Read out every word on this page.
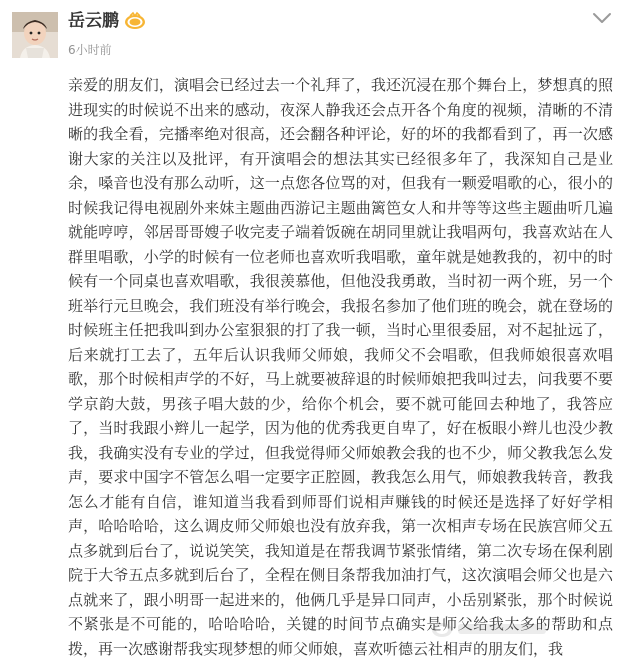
岳云鹏
6小时前
亲爱的朋友们，演唱会已经过去一个礼拜了，我还沉浸在那个舞台上，梦想真的照进现实的时候说不出来的感动，夜深人静我还会点开各个角度的视频，清晰的不清晰的我全看，完播率绝对很高，还会翻各种评论，好的坏的我都看到了，再一次感谢大家的关注以及批评，有开演唱会的想法其实已经很多年了，我深知自己是业余，嗓音也没有那么动听，这一点您各位骂的对，但我有一颗爱唱歌的心，很小的时候我记得电视剧外来妹主题曲西游记主题曲篱笆女人和井等等这些主题曲听几遍就能哼哼，邻居哥哥嫂子收完麦子端着饭碗在胡同里就让我唱两句，我喜欢站在人群里唱歌，小学的时候有一位老师也喜欢听我唱歌，童年就是她教我的，初中的时候有一个同桌也喜欢唱歌，我很羡慕他，但他没我勇敢，当时初一两个班，另一个班举行元旦晚会，我们班没有举行晚会，我报名参加了他们班的晚会，就在登场的时候班主任把我叫到办公室狠狠的打了我一顿，当时心里很委屈，对不起扯远了，后来就打工去了，五年后认识我师父师娘，我师父不会唱歌，但我师娘很喜欢唱歌，那个时候相声学的不好，马上就要被辞退的时候师娘把我叫过去，问我要不要学京韵大鼓，男孩子唱大鼓的少，给你个机会，要不就可能回去种地了，我答应了，当时我跟小辫儿一起学，因为他的优秀我更自卑了，好在板眼小辫儿也没少教我，我确实没有专业的学过，但我觉得师父师娘教会我的也不少，师父教我怎么发声，要求中国字不管怎么唱一定要字正腔圆，教我怎么用气，师娘教我转音，教我怎么才能有自信，谁知道当我看到师哥们说相声赚钱的时候还是选择了好好学相声，哈哈哈哈，这么调皮师父师娘也没有放弃我，第一次相声专场在民族宫师父五点多就到后台了，说说笑笑，我知道是在帮我调节紧张情绪，第二次专场在保利剧院于大爷五点多就到后台了，全程在侧目条帮我加油打气，这次演唱会师父也是六点就来了，跟小明哥一起进来的，他俩几乎是异口同声，小岳别紧张，那个时候说不紧张是不可能的，哈哈哈哈，关键的时间节点确实是师父给我太多的帮助和点拨，再一次感谢帮我实现梦想的师父师娘，喜欢听德云社相声的朋友们，我
